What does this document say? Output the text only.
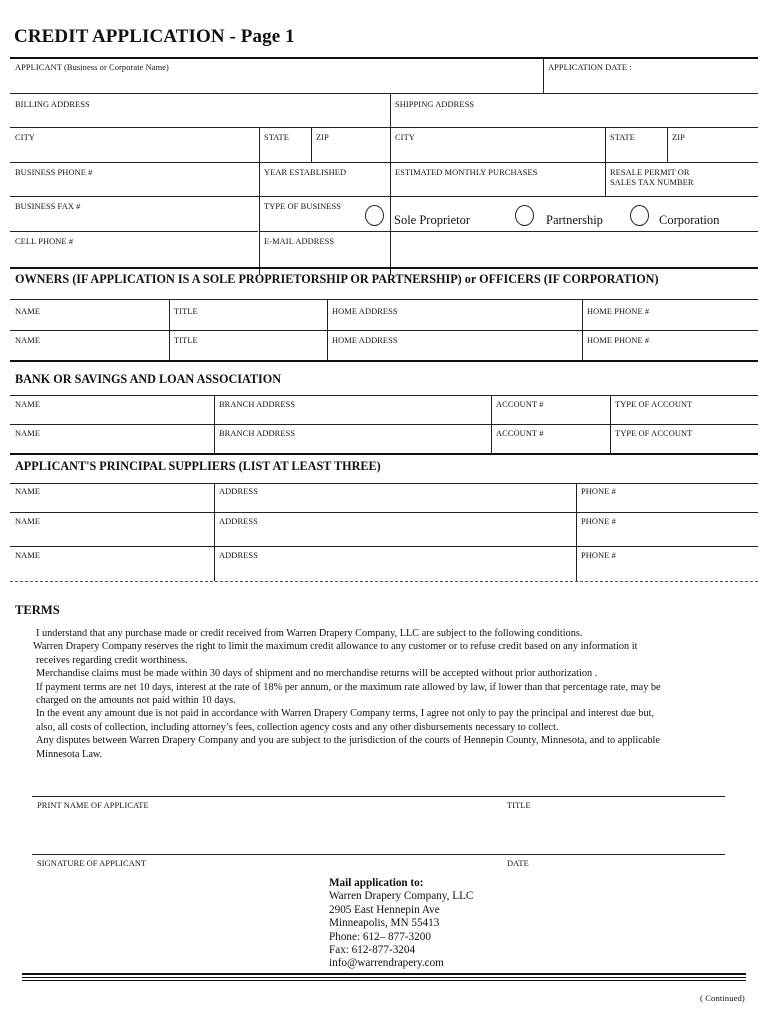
CREDIT APPLICATION - Page 1
APPLICANT (Business or Corporate Name)	APPLICATION DATE :
BILLING ADDRESS	SHIPPING ADDRESS
CITY	STATE	ZIP	CITY	STATE	ZIP
BUSINESS PHONE #	YEAR ESTABLISHED	ESTIMATED MONTHLY PURCHASES	RESALE PERMIT OR
SALES TAX NUMBER
BUSINESS FAX #	TYPE OF BUSINESS
Sole Proprietor	Partnership	Corporation
CELL PHONE #	E-MAIL ADDRESS
OWNERS (IF APPLICATION IS A SOLE PROPRIETORSHIP OR PARTNERSHIP) or OFFICERS (IF CORPORATION)
NAME	TITLE	HOME ADDRESS	HOME PHONE #
NAME	TITLE	HOME ADDRESS	HOME PHONE #
BANK OR SAVINGS AND LOAN ASSOCIATION
NAME	BRANCH ADDRESS	ACCOUNT #	TYPE OF ACCOUNT
NAME	BRANCH ADDRESS	ACCOUNT #	TYPE OF ACCOUNT
APPLICANT'S PRINCIPAL SUPPLIERS (LIST AT LEAST THREE)
NAME	ADDRESS	PHONE #
NAME	ADDRESS	PHONE #
NAME	ADDRESS	PHONE #
TERMS
I understand that any purchase made or credit received from Warren Drapery Company, LLC are subject to the following conditions.
Warren Drapery Company reserves the right to limit the maximum credit allowance to any customer or to refuse credit based on any information it
receives regarding credit worthiness.
Merchandise claims must be made within 30 days of shipment and no merchandise returns will be accepted without prior authorization .
If payment terms are net 10 days, interest at the rate of 18% per annum, or the maximum rate allowed by law, if lower than that percentage rate, may be
charged on the amounts not paid within 10 days.
In the event any amount due is not paid in accordance with Warren Drapery Company terms, I agree not only to pay the principal and interest due but,
also, all costs of collection, including attorney’s fees, collection agency costs and any other disbursements necessary to collect.
Any disputes between Warren Drapery Company and you are subject to the jurisdiction of the courts of Hennepin County, Minnesota, and to applicable
Minnesota Law.
PRINT NAME OF APPLICATE	TITLE
SIGNATURE OF APPLICANT	DATE
Mail application to:
Warren Drapery Company, LLC
2905 East Hennepin Ave
Minneapolis, MN 55413
Phone: 612– 877-3200
Fax: 612-877-3204
info@warrendrapery.com
( Continued)
